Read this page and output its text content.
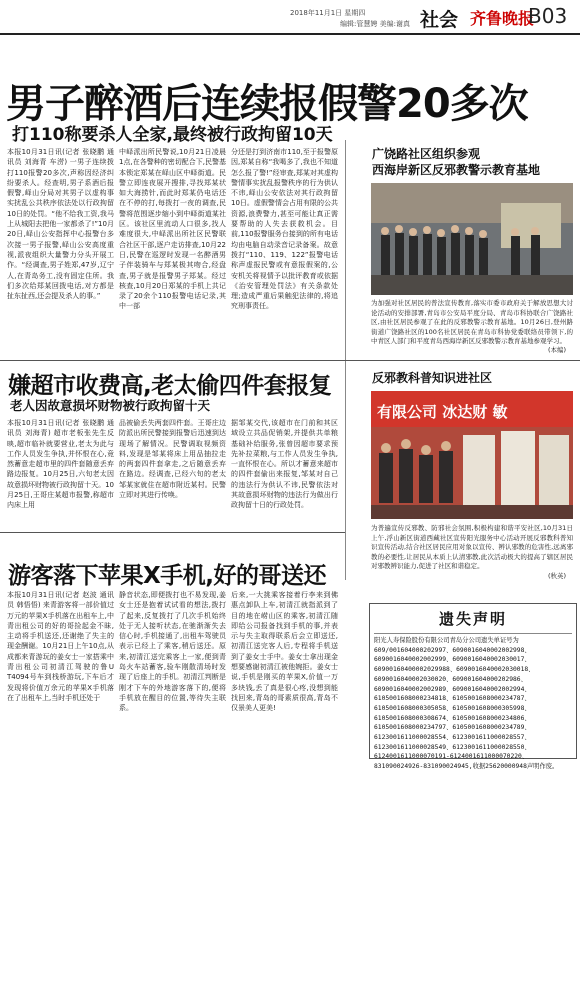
2018年11月1日 星期四
编辑:管慧娉 美编:谢真 社会 齐鲁晚报
B03
男子醉酒后连续报假警20多次
打110称要杀人全家,最终被行政拘留10天
本报10月31日讯(记者 张晓鹏 通讯员 刘海青 车涝) 一男子连续拨打110报警20多次,声称因经济纠纷要杀人。经查明,男子系酒后报假警,峄山分局对其男子以虚构事实扰乱公共秩序依法处以行政拘留10日的处罚。“他不给我工资,我马上从城阳去把他一家都杀了!”10月20日,峄山公安指挥中心报警台多次接一男子报警,峄山公安高度重视,派夜组织大量警力分头开展工作。“经调查,男子姓郑,47岁,辽宁人,在青岛务工,没有固定住所。我们多次给郑某回拨电话,对方都是扯东扯西,还会提及杀人的事。”
中峄派出所民警说,10月21日凌晨1点,在各警种的密切配合下,民警基本锁定郑某在峄山区中峄街道。民警立即连夜展开搜排,寻找郑某状如大海捞针,而此时郑某仍电话还在不停的打,每拨打一夜的调查,民警将范围逐步缩小到中峄街道某社区。该社区里流动人口很多,找人难度很大,中峄派出所社区民警联合社区干部,逐户走访排查,10月22日,民警在巡逻时发现一名醉酒男子伴装骑车与郑某极其吻合,经盘查,男子就是报警男子郑某。经过核查,10月20日郑某的手机上共记录了20余个110报警电话记录,其中一部
分还是打到济南市110,至于报警原因,郑某自称“我喝多了,我也不知道怎么报了警!”经审查,郑某对其虚构警情事实扰乱报警秩序的行为供认不讳,峄山公安依法对其行政拘留10日。虚假警情会占用有限的公共资源,浪费警力,甚至可能让真正需要帮助的人失去获救机会。目前,110报警服务台接到的所有电话均由电脑自动录音记录备案。故意拨打“110、119、122”报警电话称声虚报民警或有意报假案的,公安机关将视情予以批评教育或依据《治安管理处罚法》有关条款处理;造成严重后果触犯法律的,将追究刑事责任。
广饶路社区组织参观
西海岸新区反邪教警示教育基地
为加强对社区居民的普法宣传教育,落实市委市政府关于解放思想大讨论活动的安排部署,青岛市公安局平度分局、青岛市科协联合广饶路社区,由社区居民参观了在此的反邪教警示教育基地。10月26日,登州路街道广饶路社区的100名社区居民在青岛市科协党委联络员带领下,的中青区人部门和平度青岛西海岸新区反邪教警示教育基地参观学习。
(本编)
嫌超市收费高,老太偷四件套报复
老人因故意损坏财物被行政拘留十天
本报10月31日讯(记者 张晓鹏 通讯员 刘海青) 超市老板张先生反映,超市临补就要营业,老太为此与工作人员发生争执,并怀恨在心,竟然蓄意走超市里的四件套随意丢弃路边报复。10月25日,六旬老太因故意损坏财物被行政拘留十天。10月25日,王哥庄某超市报警,称超市内床上用
品被偷丢失两套四件套。王哥庄边防派出所民警接到报警后迅速到达现场了解情况。民警调取视频资料,发现是邹某将床上用品抽拉走的两套四件套拿走,之后随意丢弃在路边。经调查,已经六旬的老太邹某家就住在超市附近某村。民警立即对其进行传唤。
据邹某交代,该超市在门前和其区域设立共品促销架,并提供共单粮基础补给服务,张曾因超市要求预先补拉菜粮,与工作人员发生争执,一直怀恨在心。所以才蓄意来超市的四件套偷出来报复,邹某对自己的违法行为供认不讳,民警依法对其故意损坏财物的违法行为做出行政拘留十日的行政处罚。
反邪教科普知识进社区
有限公司 冰达财 敏
为普遍宣传反邪教、防邪社会氛围,积极构建和谐平安社区,10月31日上午,浮山新区街道西藏社区宣传阳光服务中心活动开展反邪教科普知识宣传活动,结合社区居民应用对象以宣传、辨认邪教的危害性,远离邪教的必要性,让居民从本质上认清邪教,此次活动极大的提高了辖区居民对邪教辨识能力,促进了社区和谐稳定。
(秋英)
游客落下苹果X手机,好的哥送还
本报10月31日讯(记者 赵波 通讯员 韩悟悟) 来青游客将一部价值过万元的苹果X手机落在出租车上,中青出租公司的好的哥捡起金不昧,主动将手机送还,还谢绝了失主的现金酬谢。10月21日上午10点,从成都来青游玩的姜女士一家搭乘中青出租公司初清江驾驶的鲁U T4094号车到栈桥游玩,下车后才发现将价值万余元的苹果X手机落在了出租车上,当时手机还处于
静音状态,即便拨打也不易发现,姜女士还是抱着试试看的想法,拨打了起来,反复拨打了几次手机始终处于无人接听状态,在驰渐渐失去信心时,手机接通了,出租车驾驶员表示已经上了乘客,稍后送还。原来,初清江送完乘客上一家,便到青岛火车站蓄客,验车刚散清场时发现了后座上的手机。初清江判断是刚才下车的外地游客落下的,便将手机放在醒目的位置,等待失主联系。
后来,一大挑乘客接着行李来到佛惠点卸队上车,初清江就指派到了目的地在崂山区的乘客,初清江随即给公司报备找到手机的事,并表示与失主取得联系后会立即送还,初清江送完客人后,专程将手机送到了姜女士手中。姜女士拿出现金想要感谢初清江被他婉拒。姜女士说,手机是刚买的苹果X,价值一万多块钱,丢了真是很心疼,没想到能找回来,青岛的哥素质很高,青岛不仅景美人更美!
遗失声明
阳光人寿保险股份有限公司青岛分公司遗失单证号为
609/001604000202997、6090016040002002998、
6090016040002002999、6090016040002030017、
60900160400002029988、6090016040002030018、
6090016040002030020、609001604000202986、
6090016040002002989、6090016040002002994、
6105001608000234818、6105001608000234787、
6105001608000305058、6105001608000305998、
6105001608000308674、6105001608000234806、
6105001608000234797、6105001608000234789、
6123001611000028554、6123001611000028557、
6123001611000028549、6123001611000028550、
6124001611000070191-6124001611000070220、
831090024926-831090024945,收据25620000948声明作废。
